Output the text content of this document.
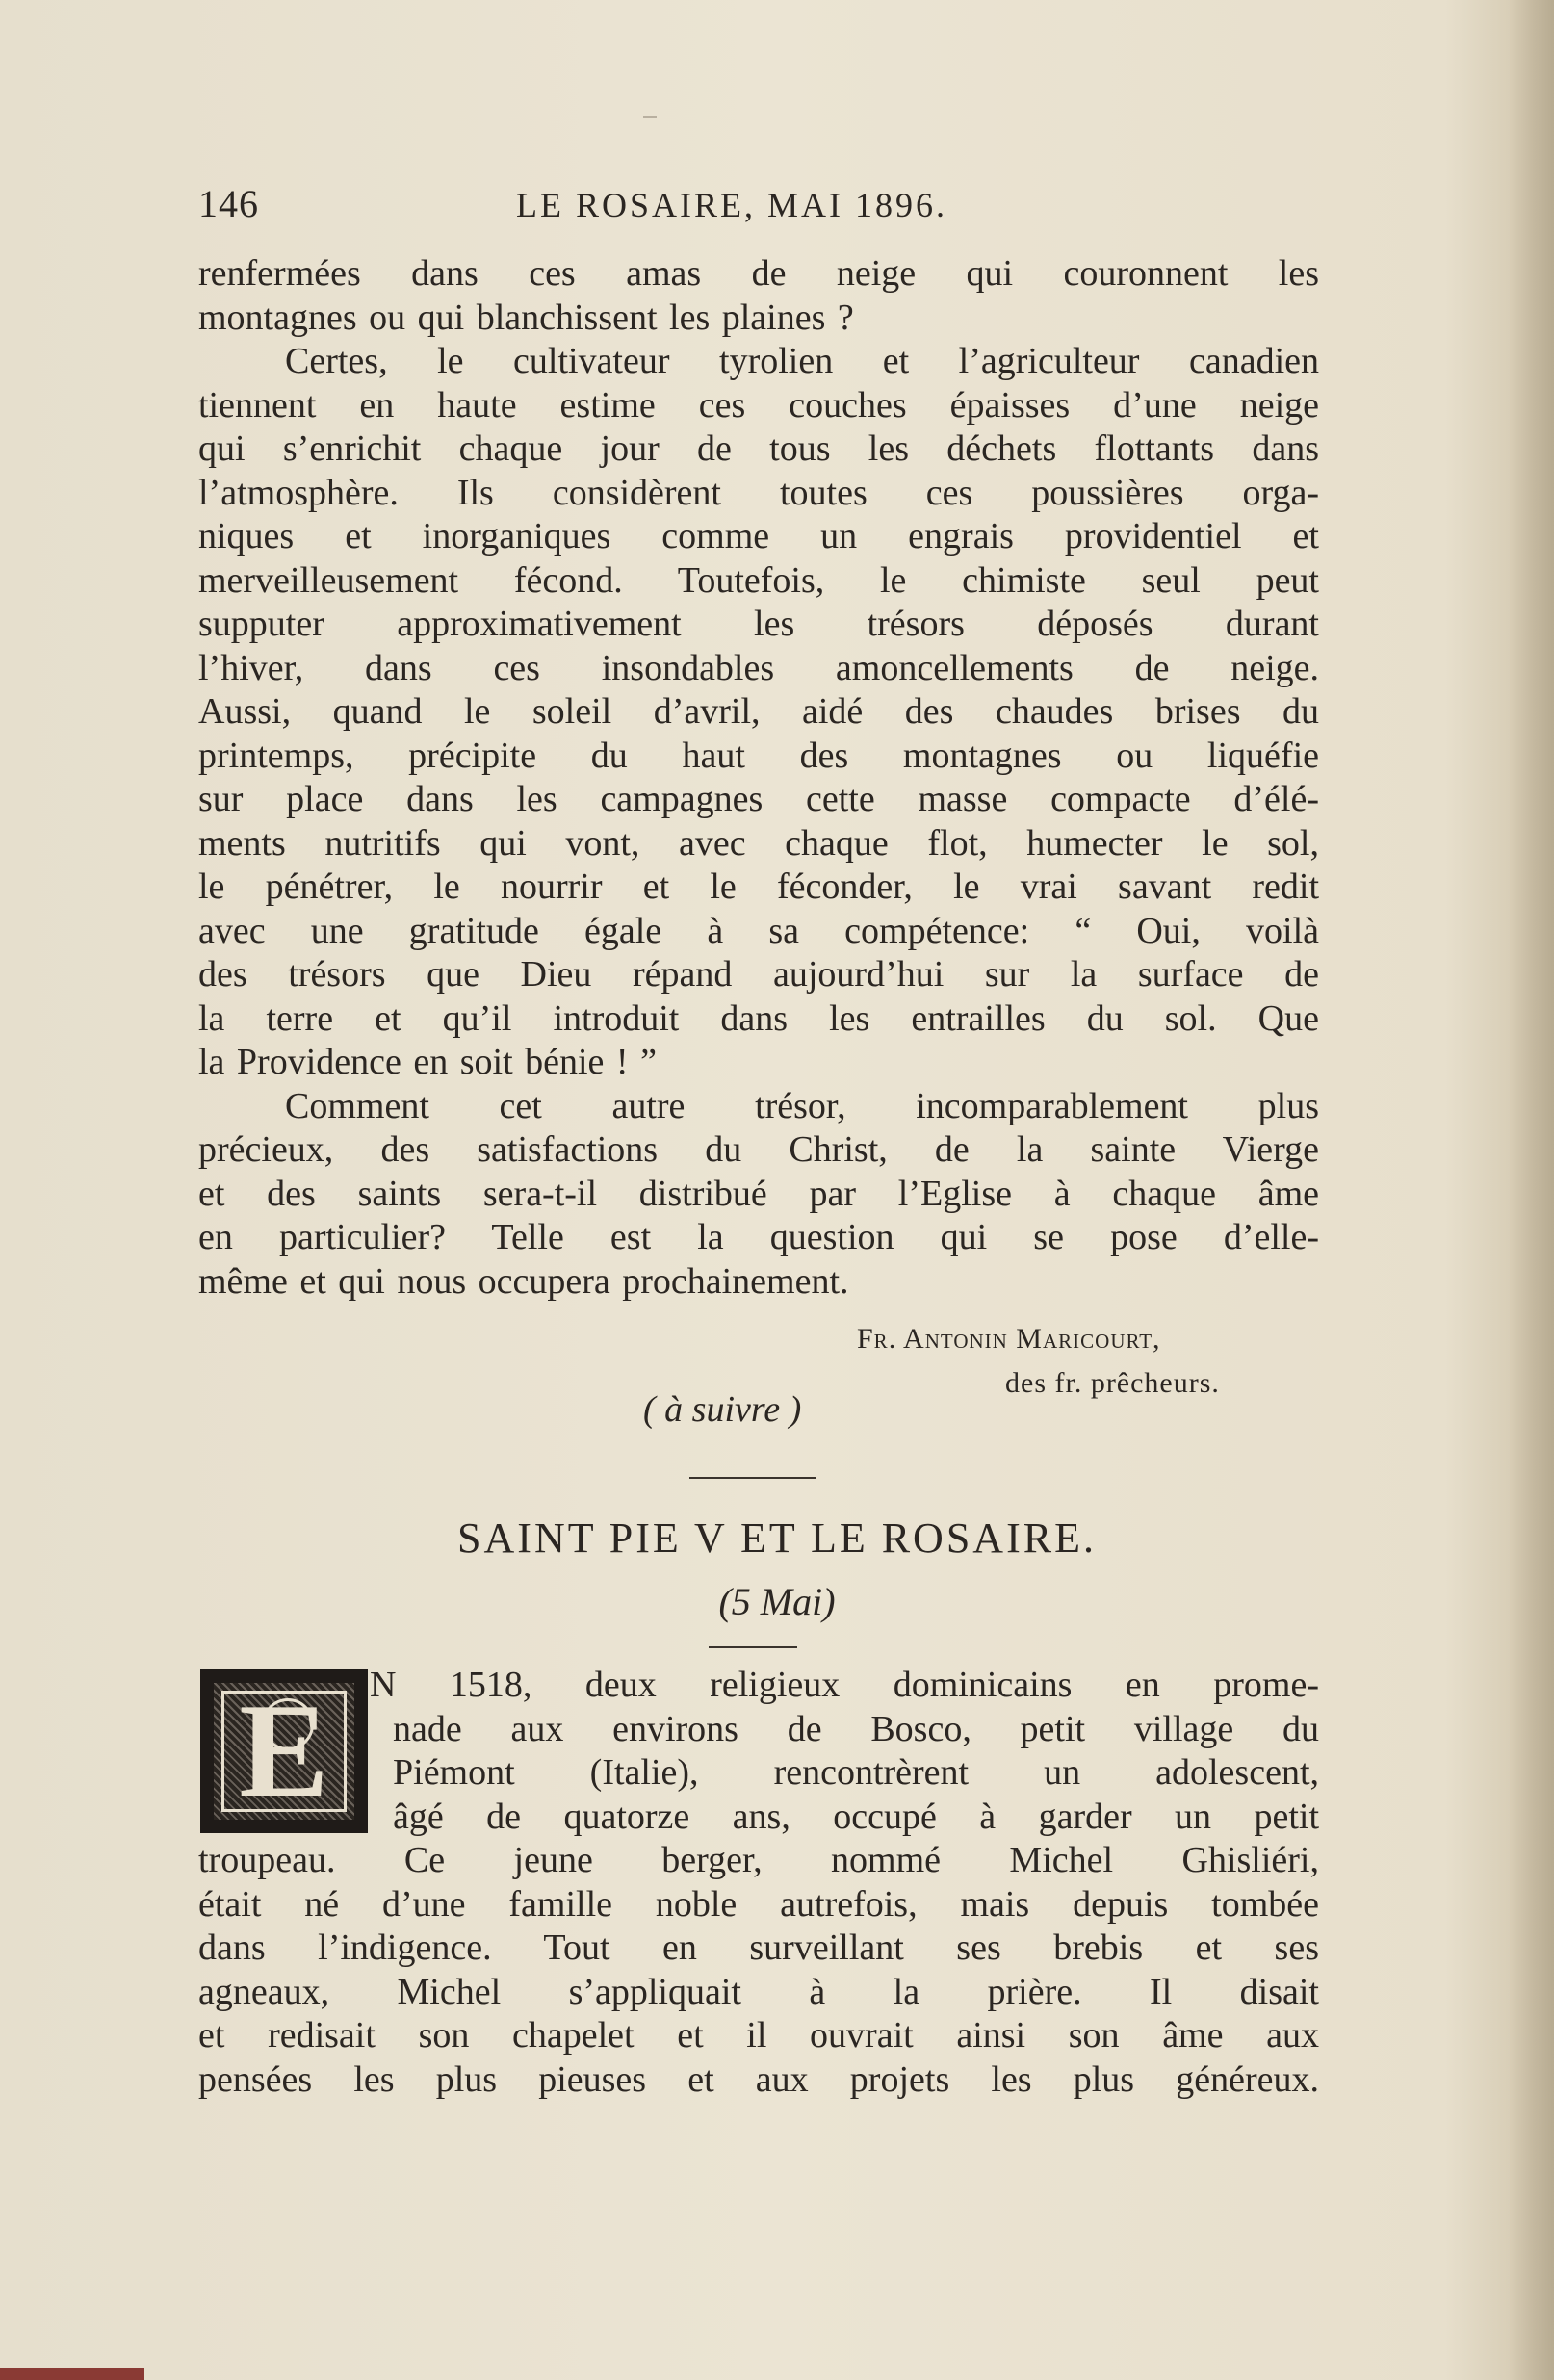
146	LE ROSAIRE, MAI 1896.
renfermées dans ces amas de neige qui couronnent les
montagnes ou qui blanchissent les plaines ?
Certes, le cultivateur tyrolien et l’agriculteur canadien
tiennent en haute estime ces couches épaisses d’une neige
qui s’enrichit chaque jour de tous les déchets flottants dans
l’atmosphère. Ils considèrent toutes ces poussières orga-
niques et inorganiques comme un engrais providentiel et
merveilleusement fécond. Toutefois, le chimiste seul peut
supputer approximativement les trésors déposés durant
l’hiver, dans ces insondables amoncellements de neige.
Aussi, quand le soleil d’avril, aidé des chaudes brises du
printemps, précipite du haut des montagnes ou liquéfie
sur place dans les campagnes cette masse compacte d’élé-
ments nutritifs qui vont, avec chaque flot, humecter le sol,
le pénétrer, le nourrir et le féconder, le vrai savant redit
avec une gratitude égale à sa compétence: “ Oui, voilà
des trésors que Dieu répand aujourd’hui sur la surface de
la terre et qu’il introduit dans les entrailles du sol. Que
la Providence en soit bénie ! ”
Comment cet autre trésor, incomparablement plus
précieux, des satisfactions du Christ, de la sainte Vierge
et des saints sera-t-il distribué par l’Eglise à chaque âme
en particulier? Telle est la question qui se pose d’elle-
même et qui nous occupera prochainement.
Fr. Antonin Maricourt,
des fr. prêcheurs.
( à suivre )
SAINT PIE V ET LE ROSAIRE.
(5 Mai)
E	N 1518, deux religieux dominicains en prome-
nade aux environs de Bosco, petit village du
Piémont (Italie), rencontrèrent un adolescent,
âgé de quatorze ans, occupé à garder un petit
troupeau. Ce jeune berger, nommé Michel Ghisliéri,
était né d’une famille noble autrefois, mais depuis tombée
dans l’indigence. Tout en surveillant ses brebis et ses
agneaux, Michel s’appliquait à la prière. Il disait
et redisait son chapelet et il ouvrait ainsi son âme aux
pensées les plus pieuses et aux projets les plus généreux.
